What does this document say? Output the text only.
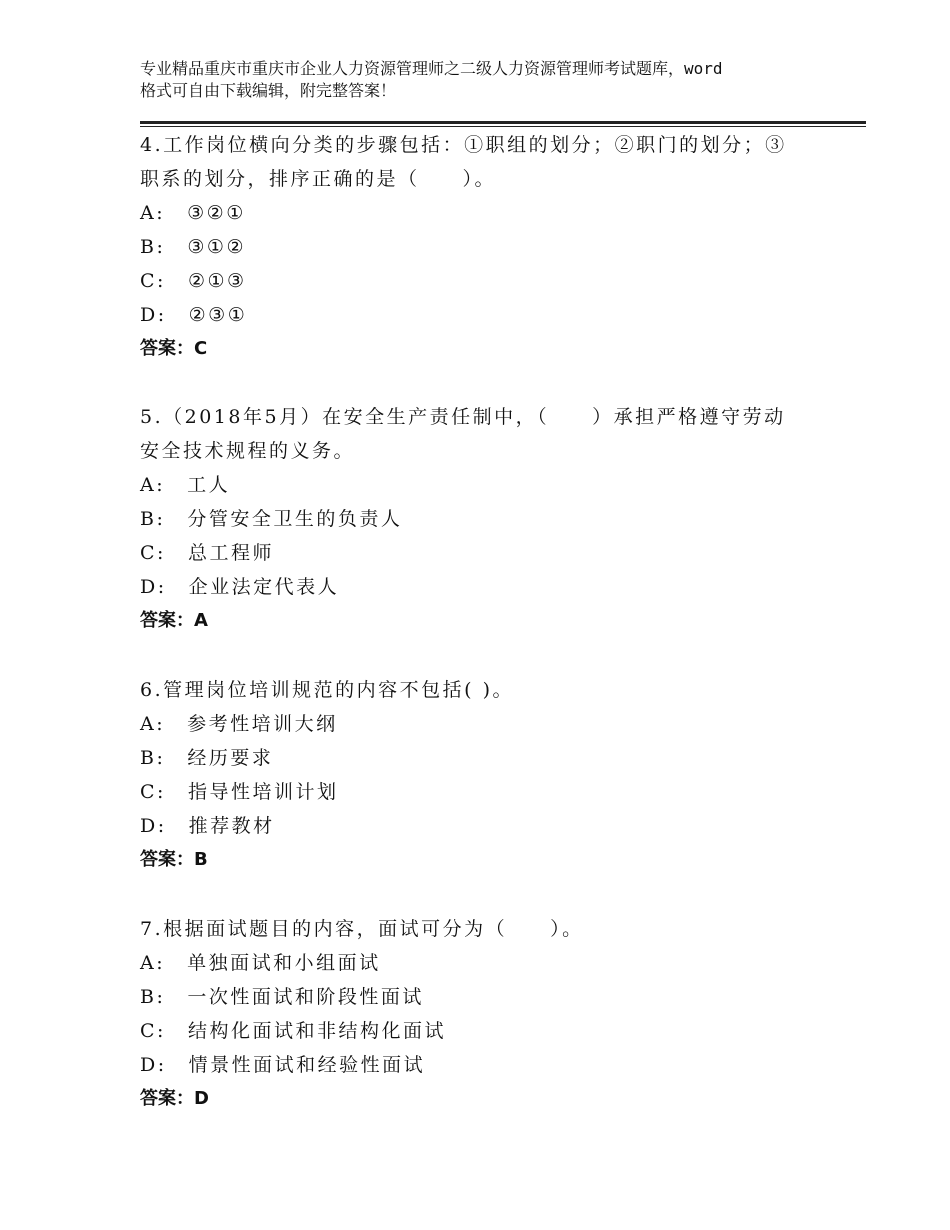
专业精品重庆市重庆市企业人力资源管理师之二级人力资源管理师考试题库，word
格式可自由下载编辑，附完整答案！
4.工作岗位横向分类的步骤包括：①职组的划分；②职门的划分；③
职系的划分，排序正确的是（　　）。
A: ③②①
B: ③①②
C: ②①③
D: ②③①
答案：C
5.（2018年5月）在安全生产责任制中，（　　）承担严格遵守劳动
安全技术规程的义务。
A: 工人
B: 分管安全卫生的负责人
C: 总工程师
D: 企业法定代表人
答案：A
6.管理岗位培训规范的内容不包括( )。
A: 参考性培训大纲
B: 经历要求
C: 指导性培训计划
D: 推荐教材
答案：B
7.根据面试题目的内容，面试可分为（　　）。
A: 单独面试和小组面试
B: 一次性面试和阶段性面试
C: 结构化面试和非结构化面试
D: 情景性面试和经验性面试
答案：D
